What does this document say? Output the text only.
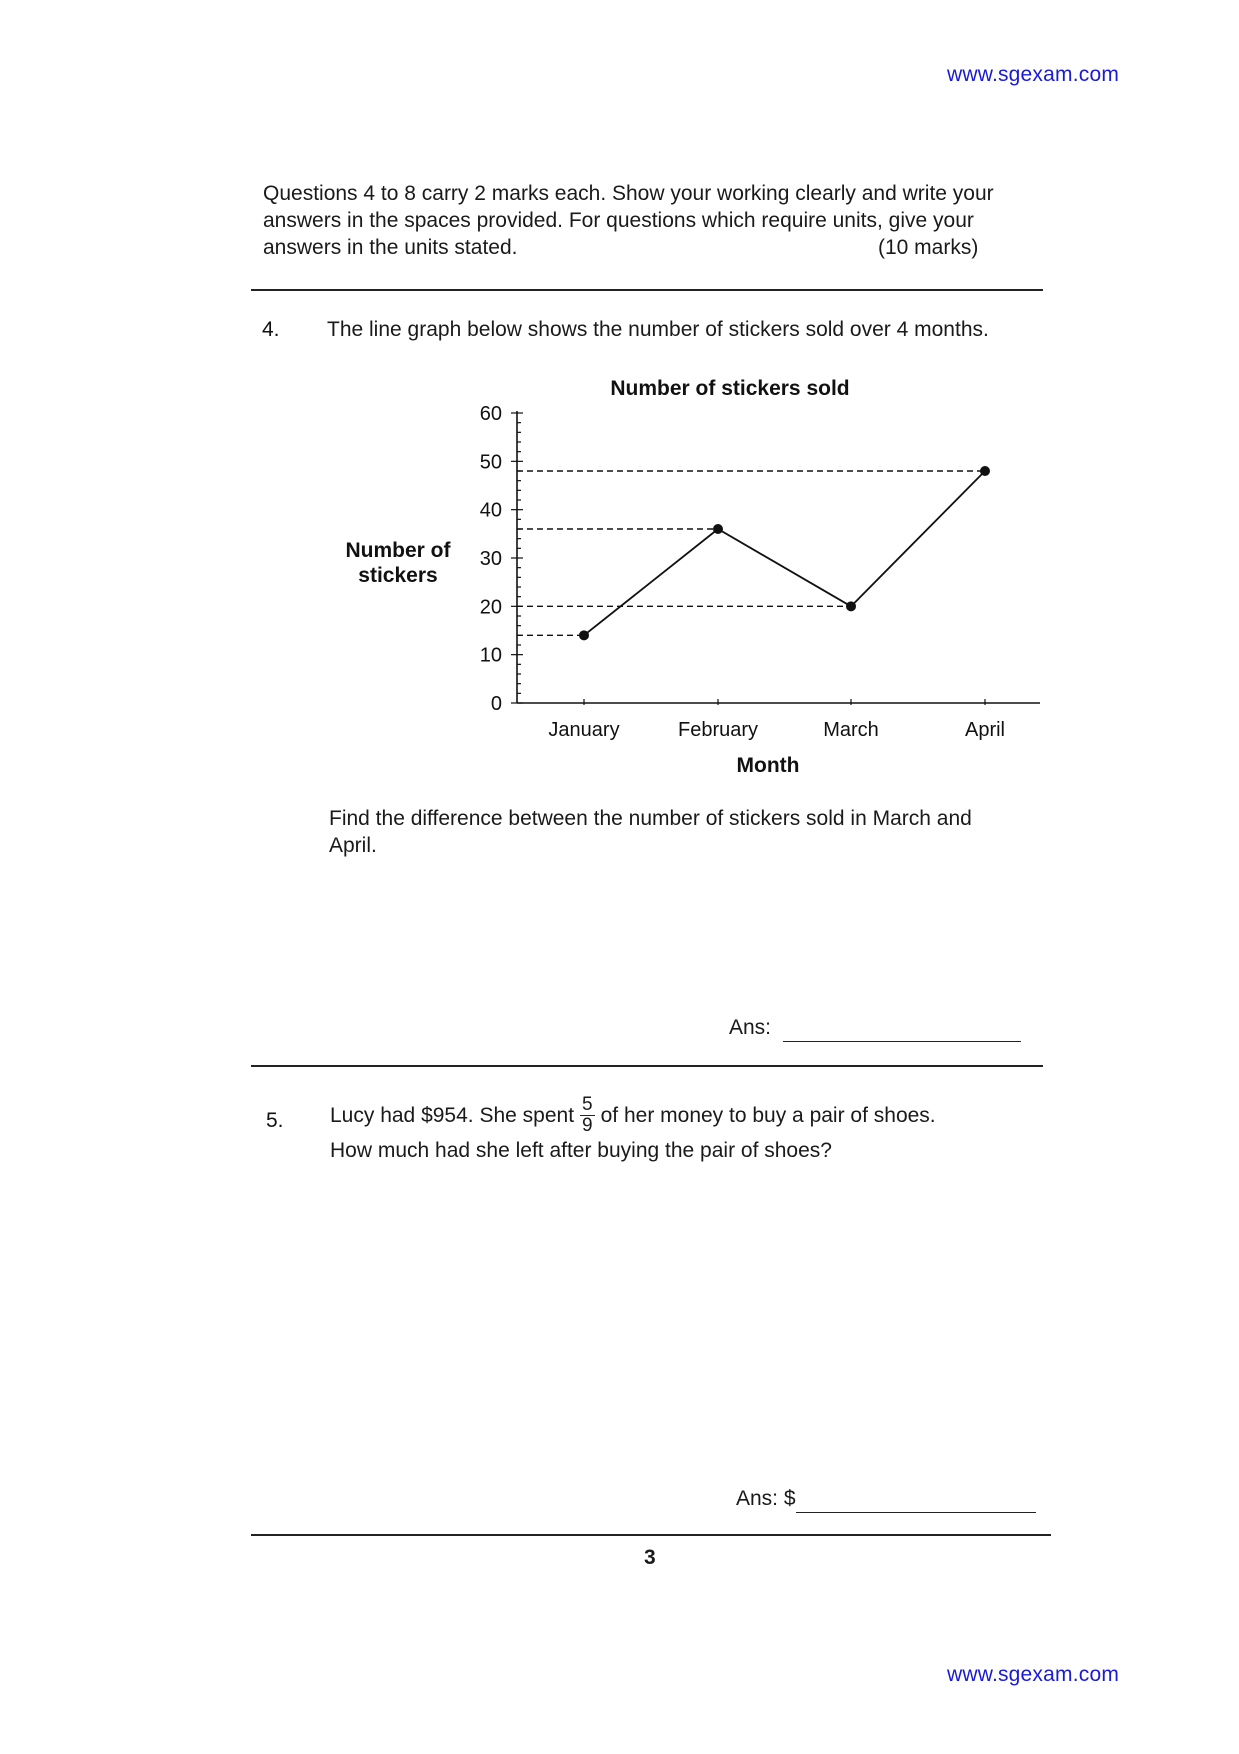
www.sgexam.com
Questions 4 to 8 carry 2 marks each. Show your working clearly and write your
answers in the spaces provided. For questions which require units, give your
answers in the units stated.	(10 marks)
4. The line graph below shows the number of stickers sold over 4 months.
Number of stickers sold
Number of
stickers
Month
0
10
20
30
40
50
60
January	February	March	April
Find the difference between the number of stickers sold in March and
April.
Ans:
5. Lucy had $954. She spent $\frac{5}{9}$ of her money to buy a pair of shoes.
How much had she left after buying the pair of shoes?
Ans: $
3
www.sgexam.com
